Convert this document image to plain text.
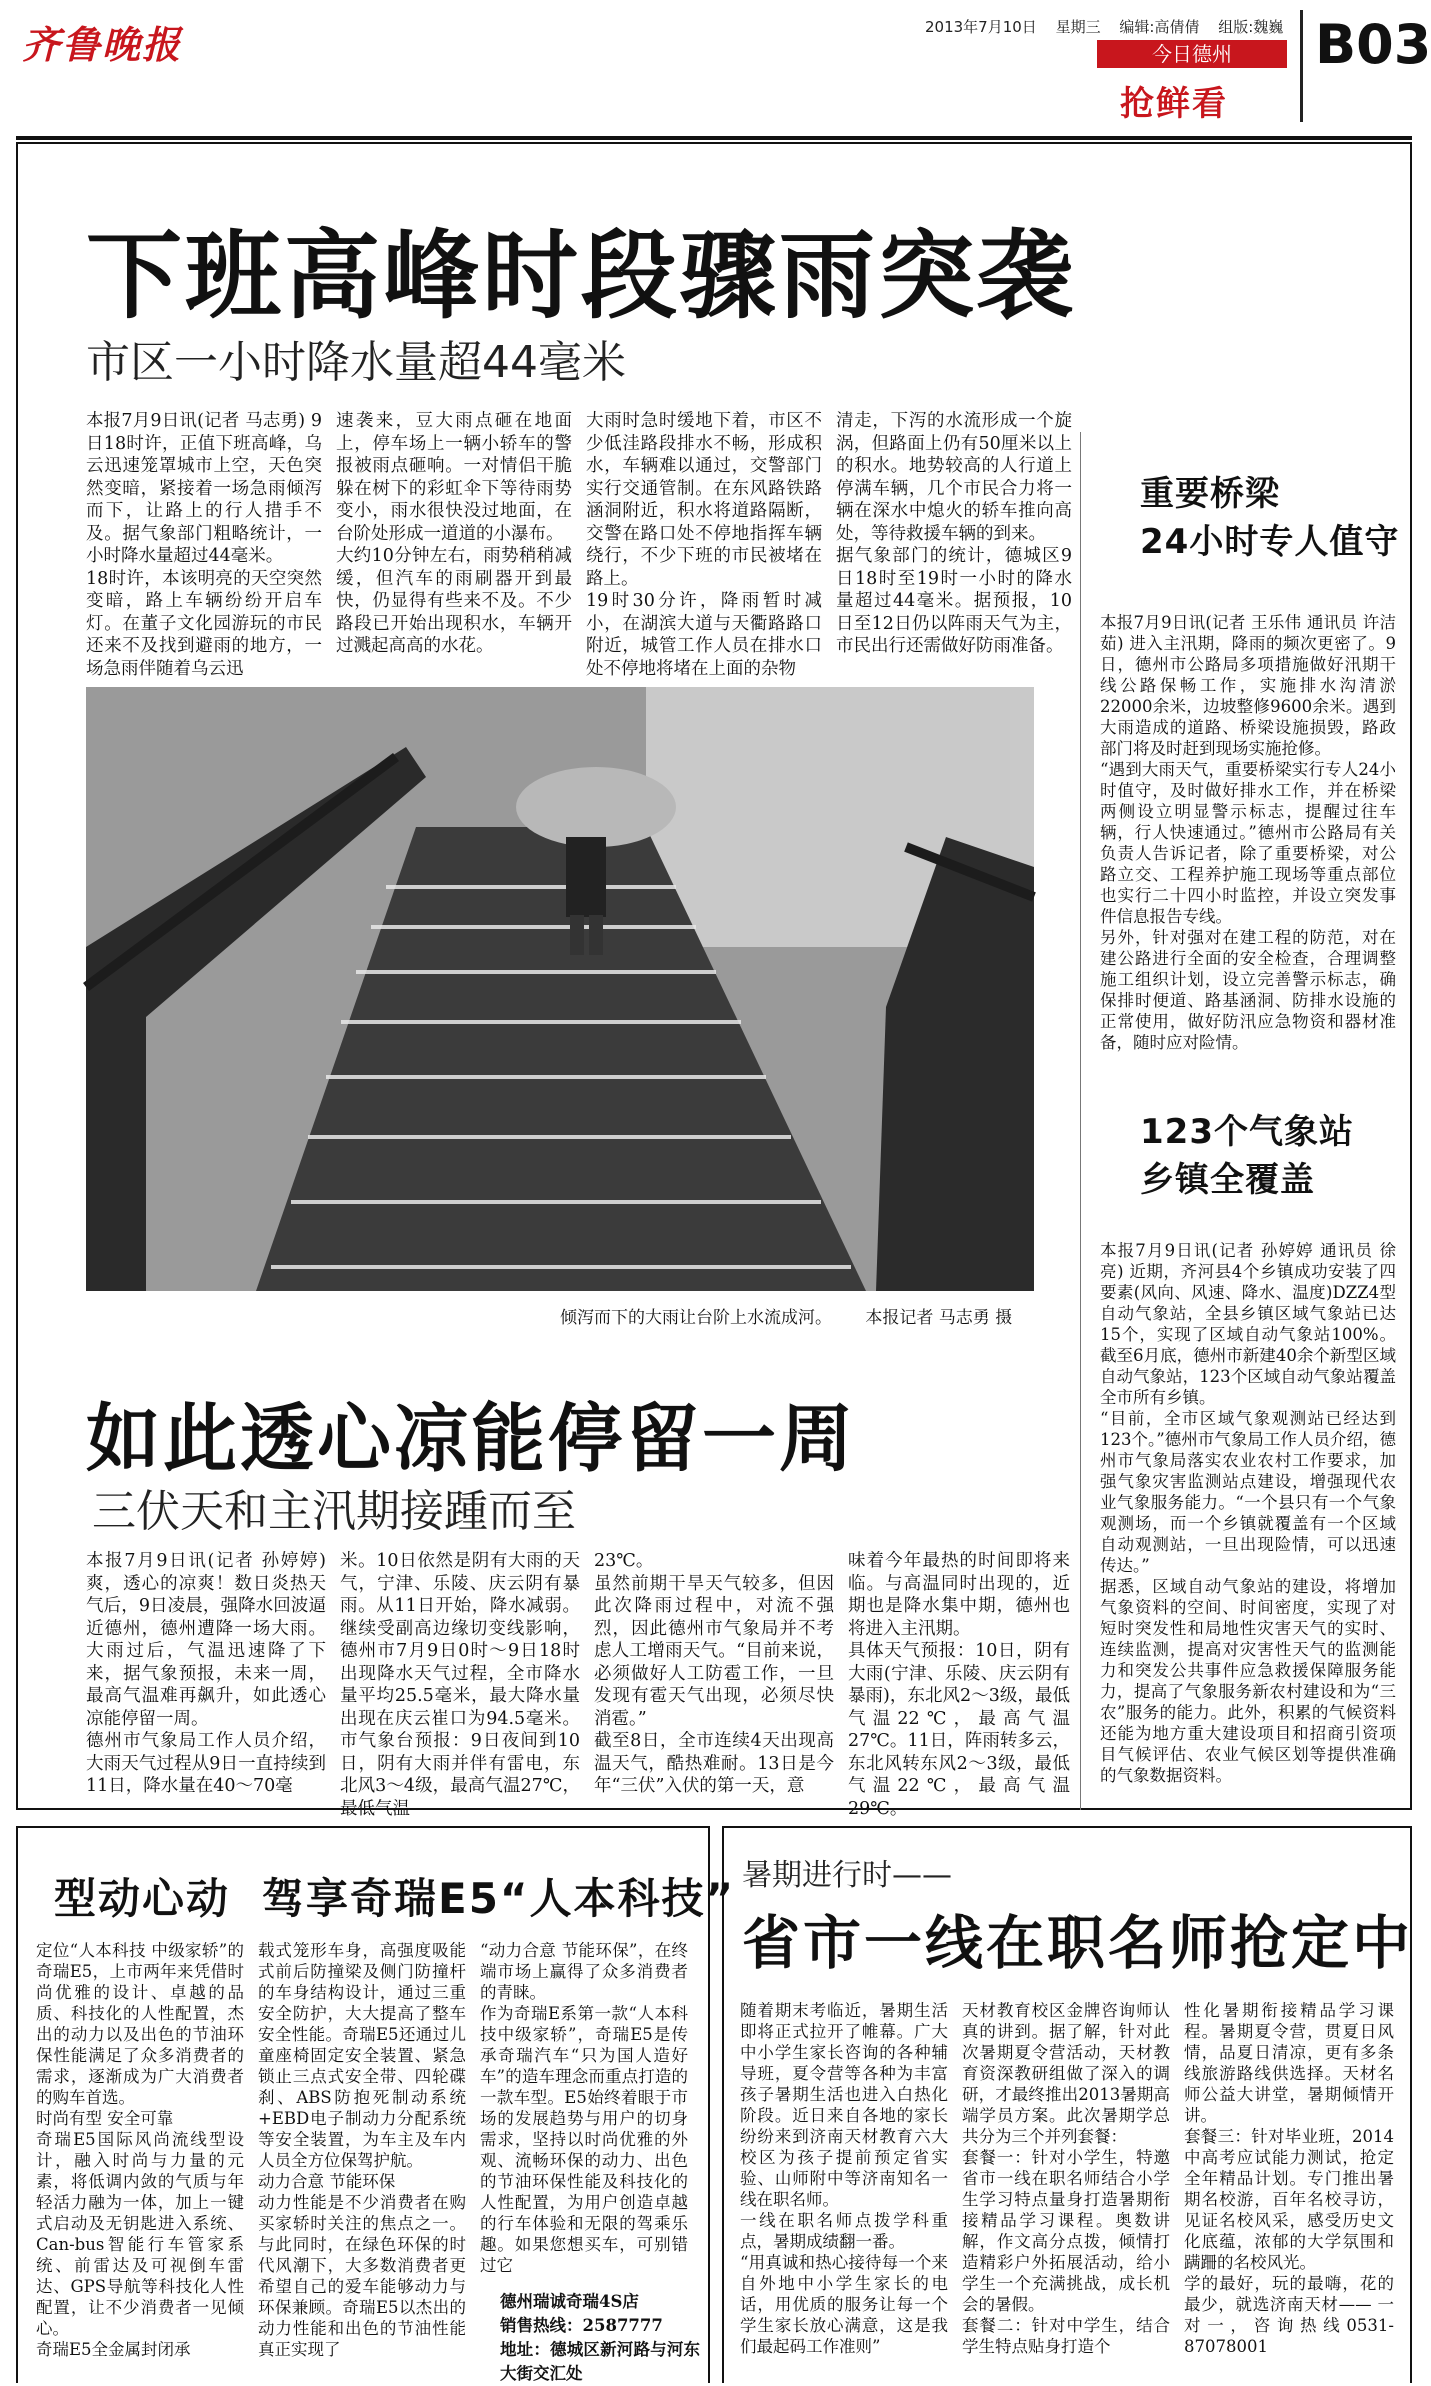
齐鲁晚报	2013年7月10日 星期三 编辑:高倩倩 组版:魏巍
今日德州
抢鲜看
B03
下班高峰时段骤雨突袭
市区一小时降水量超44毫米
本报7月9日讯(记者 马志勇) 9日18时许，正值下班高峰，乌云迅速笼罩城市上空，天色突然变暗，紧接着一场急雨倾泻而下，让路上的行人措手不及。据气象部门粗略统计，一小时降水量超过44毫米。
18时许，本该明亮的天空突然变暗，路上车辆纷纷开启车灯。在董子文化园游玩的市民还来不及找到避雨的地方，一场急雨伴随着乌云迅
速袭来，豆大雨点砸在地面上，停车场上一辆小轿车的警报被雨点砸响。一对情侣干脆躲在树下的彩虹伞下等待雨势变小，雨水很快没过地面，在台阶处形成一道道的小瀑布。
大约10分钟左右，雨势稍稍减缓，但汽车的雨刷器开到最快，仍显得有些来不及。不少路段已开始出现积水，车辆开过溅起高高的水花。
大雨时急时缓地下着，市区不少低洼路段排水不畅，形成积水，车辆难以通过，交警部门实行交通管制。在东风路铁路涵洞附近，积水将道路隔断，交警在路口处不停地指挥车辆绕行，不少下班的市民被堵在路上。
19时30分许，降雨暂时减小，在湖滨大道与天衢路路口附近，城管工作人员在排水口处不停地将堵在上面的杂物
清走，下泻的水流形成一个旋涡，但路面上仍有50厘米以上的积水。地势较高的人行道上停满车辆，几个市民合力将一辆在深水中熄火的轿车推向高处，等待救援车辆的到来。
据气象部门的统计，德城区9日18时至19时一小时的降水量超过44毫米。据预报，10日至12日仍以阵雨天气为主，市民出行还需做好防雨准备。
倾泻而下的大雨让台阶上水流成河。 本报记者 马志勇 摄
如此透心凉能停留一周
三伏天和主汛期接踵而至
本报7月9日讯(记者 孙婷婷) 爽，透心的凉爽！数日炎热天气后，9日凌晨，强降水回波逼近德州，德州遭降一场大雨。大雨过后，气温迅速降了下来，据气象预报，未来一周，最高气温难再飙升，如此透心凉能停留一周。
德州市气象局工作人员介绍，大雨天气过程从9日一直持续到11日，降水量在40～70毫
米。10日依然是阴有大雨的天气，宁津、乐陵、庆云阴有暴雨。从11日开始，降水减弱。继续受副高边缘切变线影响，德州市7月9日0时～9日18时出现降水天气过程，全市降水量平均25.5毫米，最大降水量出现在庆云崔口为94.5毫米。市气象台预报：9日夜间到10日，阴有大雨并伴有雷电，东北风3～4级，最高气温27℃，最低气温
23℃。
虽然前期干旱天气较多，但因此次降雨过程中，对流不强烈，因此德州市气象局并不考虑人工增雨天气。“目前来说，必须做好人工防雹工作，一旦发现有雹天气出现，必须尽快消雹。”
截至8日，全市连续4天出现高温天气，酷热难耐。13日是今年“三伏”入伏的第一天，意
味着今年最热的时间即将来临。与高温同时出现的，近期也是降水集中期，德州也将进入主汛期。
具体天气预报：10日，阴有大雨(宁津、乐陵、庆云阴有暴雨)，东北风2～3级，最低气温22℃，最高气温27℃。11日，阵雨转多云，东北风转东风2～3级，最低气温22℃，最高气温29℃。
重要桥梁
24小时专人值守
本报7月9日讯(记者 王乐伟 通讯员 许洁茹) 进入主汛期，降雨的频次更密了。9日，德州市公路局多项措施做好汛期干线公路保畅工作，实施排水沟清淤22000余米，边坡整修9600余米。遇到大雨造成的道路、桥梁设施损毁，路政部门将及时赶到现场实施抢修。
“遇到大雨天气，重要桥梁实行专人24小时值守，及时做好排水工作，并在桥梁两侧设立明显警示标志，提醒过往车辆，行人快速通过。”德州市公路局有关负责人告诉记者，除了重要桥梁，对公路立交、工程养护施工现场等重点部位也实行二十四小时监控，并设立突发事件信息报告专线。
另外，针对强对在建工程的防范，对在建公路进行全面的安全检查，合理调整施工组织计划，设立完善警示标志，确保排时便道、路基涵洞、防排水设施的正常使用，做好防汛应急物资和器材准备，随时应对险情。
123个气象站
乡镇全覆盖
本报7月9日讯(记者 孙婷婷 通讯员 徐亮) 近期，齐河县4个乡镇成功安装了四要素(风向、风速、降水、温度)DZZ4型自动气象站，全县乡镇区域气象站已达15个，实现了区域自动气象站100%。截至6月底，德州市新建40余个新型区域自动气象站，123个区域自动气象站覆盖全市所有乡镇。
“目前，全市区域气象观测站已经达到123个。”德州市气象局工作人员介绍，德州市气象局落实农业农村工作要求，加强气象灾害监测站点建设，增强现代农业气象服务能力。“一个县只有一个气象观测场，而一个乡镇就覆盖有一个区域自动观测站，一旦出现险情，可以迅速传达。”
据悉，区域自动气象站的建设，将增加气象资料的空间、时间密度，实现了对短时突发性和局地性灾害天气的实时、连续监测，提高对灾害性天气的监测能力和突发公共事件应急救援保障服务能力，提高了气象服务新农村建设和为“三农”服务的能力。此外，积累的气候资料还能为地方重大建设项目和招商引资项目气候评估、农业气候区划等提供准确的气象数据资料。
型动心动 驾享奇瑞E5“人本科技”
定位“人本科技 中级家轿”的奇瑞E5，上市两年来凭借时尚优雅的设计、卓越的品质、科技化的人性配置，杰出的动力以及出色的节油环保性能满足了众多消费者的需求，逐渐成为广大消费者的购车首选。
时尚有型 安全可靠
奇瑞E5国际风尚流线型设计，融入时尚与力量的元素，将低调内敛的气质与年轻活力融为一体，加上一键式启动及无钥匙进入系统、Can-bus智能行车管家系统、前雷达及可视倒车雷达、GPS导航等科技化人性配置，让不少消费者一见倾心。
奇瑞E5全金属封闭承
载式笼形车身，高强度吸能式前后防撞梁及侧门防撞杆的车身结构设计，通过三重安全防护，大大提高了整车安全性能。奇瑞E5还通过儿童座椅固定安全装置、紧急锁止三点式安全带、四轮碟刹、ABS防抱死制动系统+EBD电子制动力分配系统等安全装置，为车主及车内人员全方位保驾护航。
动力合意 节能环保
动力性能是不少消费者在购买家轿时关注的焦点之一。与此同时，在绿色环保的时代风潮下，大多数消费者更希望自己的爱车能够动力与环保兼顾。奇瑞E5以杰出的动力性能和出色的节油性能真正实现了
“动力合意 节能环保”，在终端市场上赢得了众多消费者的青睐。
作为奇瑞E系第一款“人本科技中级家轿”，奇瑞E5是传承奇瑞汽车“只为国人造好车”的造车理念而重点打造的一款车型。E5始终着眼于市场的发展趋势与用户的切身需求，坚持以时尚优雅的外观、流畅环保的动力、出色的节油环保性能及科技化的人性配置，为用户创造卓越的行车体验和无限的驾乘乐趣。如果您想买车，可别错过它
德州瑞诚奇瑞4S店
销售热线：2587777
地址：德城区新河路与河东大街交汇处
暑期进行时——
省市一线在职名师抢定中
随着期末考临近，暑期生活即将正式拉开了帷幕。广大中小学生家长咨询的各种辅导班，夏令营等各种为丰富孩子暑期生活也进入白热化阶段。近日来自各地的家长纷纷来到济南天材教育六大校区为孩子提前预定省实验、山师附中等济南知名一线在职名师。
一线在职名师点拨学科重点，暑期成绩翻一番。
“用真诚和热心接待每一个来自外地中小学生家长的电话，用优质的服务让每一个学生家长放心满意，这是我们最起码工作准则”
天材教育校区金牌咨询师认真的讲到。据了解，针对此次暑期夏令营活动，天材教育资深教研组做了深入的调研，才最终推出2013暑期高端学员方案。此次暑期学总共分为三个并列套餐：
套餐一：针对小学生，特邀省市一线在职名师结合小学生学习特点量身打造暑期衔接精品学习课程。奥数讲解，作文高分点拨，倾情打造精彩户外拓展活动，给小学生一个充满挑战，成长机会的暑假。
套餐二：针对中学生，结合学生特点贴身打造个
性化暑期衔接精品学习课程。暑期夏令营，贯夏日风情，品夏日清凉，更有多条线旅游路线供选择。天材名师公益大讲堂，暑期倾情开讲。
套餐三：针对毕业班，2014中高考应试能力测试，抢定全年精品计划。专门推出暑期名校游，百年名校寻访，见证名校风采，感受历史文化底蕴，浓郁的大学氛围和蹒跚的名校风光。
学的最好，玩的最嗨，花的最少，就选济南天材—— 一对一，咨询热线0531-87078001
